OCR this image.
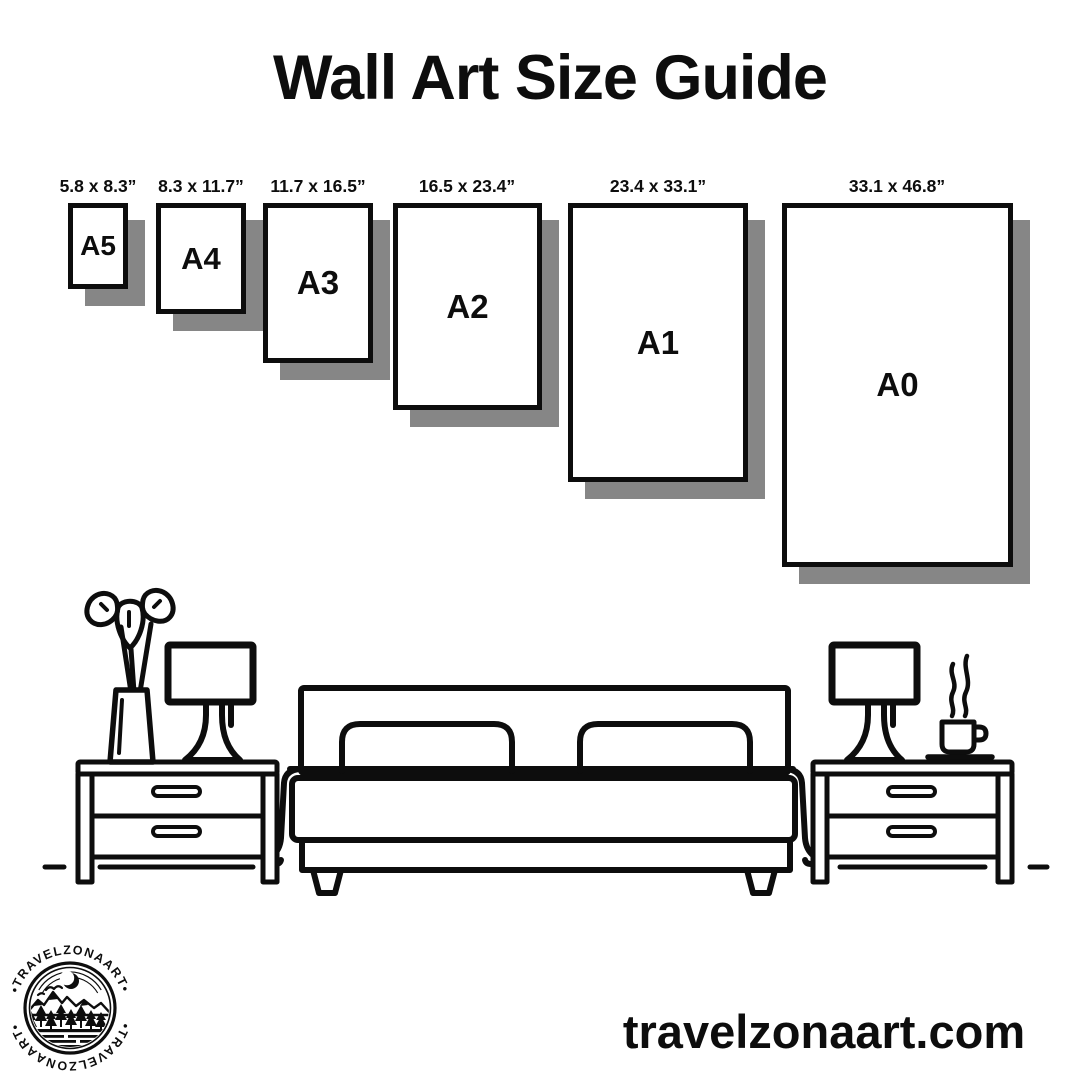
Wall Art Size Guide
5.8 x 8.3” 8.3 x 11.7” 11.7 x 16.5”	16.5 x 23.4”	23.4 x 33.1”	33.1 x 46.8”
A5 A4
A3
A2
A1
A0
•TRAVELZONAART•
•TRAVELZONAART•	travelzonaart.com
